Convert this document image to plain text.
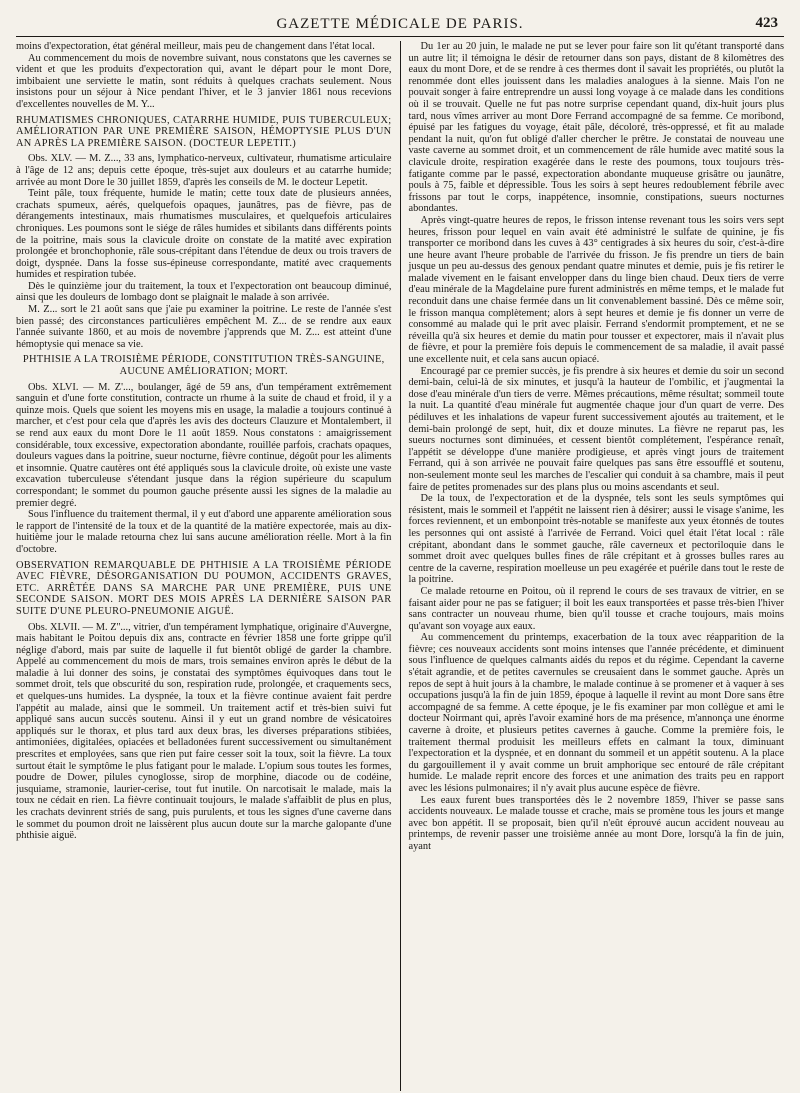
GAZETTE MÉDICALE DE PARIS.	423

moins d'expectoration, état général meilleur, mais peu de changement dans l'état local.

Au commencement du mois de novembre suivant, nous constatons que les cavernes se vident et que les produits d'expectoration qui, avant le départ pour le mont Dore, imbibaient une serviette le matin, sont réduits à quelques crachats seulement. Nous insistons pour un séjour à Nice pendant l'hiver, et le 3 janvier 1861 nous recevions d'excellentes nouvelles de M. Y...

RHUMATISMES CHRONIQUES, CATARRHE HUMIDE, PUIS TUBERCULEUX; AMÉLIORATION PAR UNE PREMIÈRE SAISON, HÉMOPTYSIE PLUS D'UN AN APRÈS LA PREMIÈRE SAISON. (DOCTEUR LEPETIT.)

Obs. XLV. — M. Z..., 33 ans, lymphatico-nerveux, cultivateur, rhumatisme articulaire à l'âge de 12 ans; depuis cette époque, très-sujet aux douleurs et au catarrhe humide; arrivée au mont Dore le 30 juillet 1859, d'après les conseils de M. le docteur Lepetit.

Teint pâle, toux fréquente, humide le matin; cette toux date de plusieurs années, crachats spumeux, aérés, quelquefois opaques, jaunâtres, pas de fièvre, pas de dérangements intestinaux, mais rhumatismes musculaires, et quelquefois articulaires chroniques. Les poumons sont le siége de râles humides et sibilants dans différents points de la poitrine, mais sous la clavicule droite on constate de la matité avec expiration prolongée et bronchophonie, râle sous-crépitant dans l'étendue de deux ou trois travers de doigt, dyspnée. Dans la fosse sus-épineuse correspondante, matité avec craquements humides et respiration tubée.

Dès le quinzième jour du traitement, la toux et l'expectoration ont beaucoup diminué, ainsi que les douleurs de lombago dont se plaignait le malade à son arrivée.

M. Z... sort le 21 août sans que j'aie pu examiner la poitrine. Le reste de l'année s'est bien passé; des circonstances particulières empêchent M. Z... de se rendre aux eaux l'année suivante 1860, et au mois de novembre j'apprends que M. Z... est atteint d'une hémoptysie qui menace sa vie.

PHTHISIE A LA TROISIÈME PÉRIODE, CONSTITUTION TRÈS-SANGUINE, AUCUNE AMÉLIORATION; MORT.

Obs. XLVI. — M. Z'..., boulanger, âgé de 59 ans, d'un tempérament extrêmement sanguin et d'une forte constitution, contracte un rhume à la suite de chaud et froid, il y a quinze mois. Quels que soient les moyens mis en usage, la maladie a toujours continué à marcher, et c'est pour cela que d'après les avis des docteurs Clauzure et Montalembert, il se rend aux eaux du mont Dore le 11 août 1859. Nous constatons : amaigrissement considérable, toux excessive, expectoration abondante, rouillée parfois, crachats opaques, douleurs vagues dans la poitrine, sueur nocturne, fièvre continue, dégoût pour les aliments et insomnie. Quatre cautères ont été appliqués sous la clavicule droite, où existe une vaste excavation tuberculeuse s'étendant jusque dans la région supérieure du scapulum correspondant; le sommet du poumon gauche présente aussi les signes de la maladie au premier degré.

Sous l'influence du traitement thermal, il y eut d'abord une apparente amélioration sous le rapport de l'intensité de la toux et de la quantité de la matière expectorée, mais au dix-huitième jour le malade retourna chez lui sans aucune amélioration réelle. Mort à la fin d'octobre.

OBSERVATION REMARQUABLE DE PHTHISIE A LA TROISIÈME PÉRIODE AVEC FIÈVRE, DÉSORGANISATION DU POUMON, ACCIDENTS GRAVES, ETC. ARRÊTÉE DANS SA MARCHE PAR UNE PREMIÈRE, PUIS UNE SECONDE SAISON. MORT DES MOIS APRÈS LA DERNIÈRE SAISON PAR SUITE D'UNE PLEURO-PNEUMONIE AIGUË.

Obs. XLVII. — M. Z''..., vitrier, d'un tempérament lymphatique, originaire d'Auvergne, mais habitant le Poitou depuis dix ans, contracte en février 1858 une forte grippe qu'il néglige d'abord, mais par suite de laquelle il fut bientôt obligé de garder la chambre. Appelé au commencement du mois de mars, trois semaines environ après le début de la maladie à lui donner des soins, je constatai des symptômes équivoques dans tout le sommet droit, tels que obscurité du son, respiration rude, prolongée, et craquements secs, et quelques-uns humides. La dyspnée, la toux et la fièvre continue avaient fait perdre l'appétit au malade, ainsi que le sommeil. Un traitement actif et très-bien suivi fut appliqué sans aucun succès soutenu. Ainsi il y eut un grand nombre de vésicatoires appliqués sur le thorax, et plus tard aux deux bras, les diverses préparations stibiées, antimoniées, digitalées, opiacées et belladonées furent successivement ou simultanément prescrites et employées, sans que rien put faire cesser soit la toux, soit la fièvre. La toux surtout était le symptôme le plus fatigant pour le malade. L'opium sous toutes les formes, poudre de Dower, pilules cynoglosse, sirop de morphine, diacode ou de codéine, jusquiame, stramonie, laurier-cerise, tout fut inutile. On narcotisait le malade, mais la toux ne cédait en rien. La fièvre continuait toujours, le malade s'affaiblit de plus en plus, les crachats devinrent striés de sang, puis purulents, et tous les signes d'une caverne dans le sommet du poumon droit ne laissèrent plus aucun doute sur la marche galopante d'une phthisie aiguë.

Du 1er au 20 juin, le malade ne put se lever pour faire son lit qu'étant transporté dans un autre lit; il témoigna le désir de retourner dans son pays, distant de 8 kilomètres des eaux du mont Dore, et de se rendre à ces thermes dont il savait les propriétés, ou plutôt la renommée dont elles jouissent dans les maladies analogues à la sienne. Mais l'on ne pouvait songer à faire entreprendre un aussi long voyage à ce malade dans les conditions où il se trouvait. Quelle ne fut pas notre surprise cependant quand, dix-huit jours plus tard, nous vîmes arriver au mont Dore Ferrand accompagné de sa femme. Ce moribond, épuisé par les fatigues du voyage, était pâle, décoloré, très-oppressé, et fit au malade pendant la nuit, qu'on fut obligé d'aller chercher le prêtre. Je constatai de nouveau une vaste caverne au sommet droit, et un commencement de râle humide avec matité sous la clavicule droite, respiration exagérée dans le reste des poumons, toux toujours très-fatigante comme par le passé, expectoration abondante muqueuse grisâtre ou jaunâtre, pouls à 75, faible et dépressible. Tous les soirs à sept heures redoublement fébrile avec frissons par tout le corps, inappétence, insomnie, constipations, sueurs nocturnes abondantes.

Après vingt-quatre heures de repos, le frisson intense revenant tous les soirs vers sept heures, frisson pour lequel en vain avait été administré le sulfate de quinine, je fis transporter ce moribond dans les cuves à 43° centigrades à six heures du soir, c'est-à-dire une heure avant l'heure probable de l'arrivée du frisson. Je fis prendre un tiers de bain jusque un peu au-dessus des genoux pendant quatre minutes et demie, puis je fis retirer le malade vivement en le faisant envelopper dans du linge bien chaud. Deux tiers de verre d'eau minérale de la Magdelaine pure furent administrés en même temps, et le malade fut reconduit dans une chaise fermée dans un lit convenablement bassiné. Dès ce même soir, le frisson manqua complètement; alors à sept heures et demie je fis donner un verre de consommé au malade qui le prit avec plaisir. Ferrand s'endormit promptement, et ne se réveilla qu'à six heures et demie du matin pour tousser et expectorer, mais il n'avait plus de fièvre, et pour la première fois depuis le commencement de sa maladie, il avait passé une excellente nuit, et cela sans aucun opiacé.

Encouragé par ce premier succès, je fis prendre à six heures et demie du soir un second demi-bain, celui-là de six minutes, et jusqu'à la hauteur de l'ombilic, et j'augmentai la dose d'eau minérale d'un tiers de verre. Mêmes précautions, même résultat; sommeil toute la nuit. La quantité d'eau minérale fut augmentée chaque jour d'un quart de verre. Des pédiluves et les inhalations de vapeur furent successivement ajoutés au traitement, et le demi-bain prolongé de sept, huit, dix et douze minutes. La fièvre ne reparut pas, les sueurs nocturnes sont diminuées, et cessent bientôt complétement, l'espérance renaît, l'appétit se développe d'une manière prodigieuse, et après vingt jours de traitement Ferrand, qui à son arrivée ne pouvait faire quelques pas sans être essoufflé et soutenu, non-seulement monte seul les marches de l'escalier qui conduit à sa chambre, mais il peut faire de petites promenades sur des plans plus ou moins ascendants et seul.

De la toux, de l'expectoration et de la dyspnée, tels sont les seuls symptômes qui résistent, mais le sommeil et l'appétit ne laissent rien à désirer; aussi le visage s'anime, les forces reviennent, et un embonpoint très-notable se manifeste aux yeux étonnés de toutes les personnes qui ont assisté à l'arrivée de Ferrand. Voici quel était l'état local : râle crépitant, abondant dans le sommet gauche, râle caverneux et pectoriloquie dans le sommet droit avec quelques bulles fines de râle crépitant et à grosses bulles rares au centre de la caverne, respiration moelleuse un peu exagérée et puérile dans tout le reste de la poitrine.

Ce malade retourne en Poitou, où il reprend le cours de ses travaux de vitrier, en se faisant aider pour ne pas se fatiguer; il boit les eaux transportées et passe très-bien l'hiver sans contracter un nouveau rhume, bien qu'il tousse et crache toujours, mais moins qu'avant son voyage aux eaux.

Au commencement du printemps, exacerbation de la toux avec réapparition de la fièvre; ces nouveaux accidents sont moins intenses que l'année précédente, et diminuent sous l'influence de quelques calmants aidés du repos et du régime. Cependant la caverne s'était agrandie, et de petites cavernules se creusaient dans le sommet gauche. Après un repos de sept à huit jours à la chambre, le malade continue à se promener et à vaquer à ses occupations jusqu'à la fin de juin 1859, époque à laquelle il revint au mont Dore sans être accompagné de sa femme. A cette époque, je le fis examiner par mon collègue et ami le docteur Noirmant qui, après l'avoir examiné hors de ma présence, m'annonça une énorme caverne à droite, et plusieurs petites cavernes à gauche. Comme la première fois, le traitement thermal produisit les meilleurs effets en calmant la toux, diminuant l'expectoration et la dyspnée, et en donnant du sommeil et un appétit soutenu. A la place du gargouillement il y avait comme un bruit amphorique sec entouré de râle crépitant humide. Le malade reprit encore des forces et une animation des traits peu en rapport avec les lésions pulmonaires; il n'y avait plus aucune espèce de fièvre.

Les eaux furent bues transportées dès le 2 novembre 1859, l'hiver se passe sans accidents nouveaux. Le malade tousse et crache, mais se promène tous les jours et mange avec bon appétit. Il se proposait, bien qu'il n'eût éprouvé aucun accident nouveau au printemps, de revenir passer une troisième année au mont Dore, lorsqu'à la fin de juin, ayant
